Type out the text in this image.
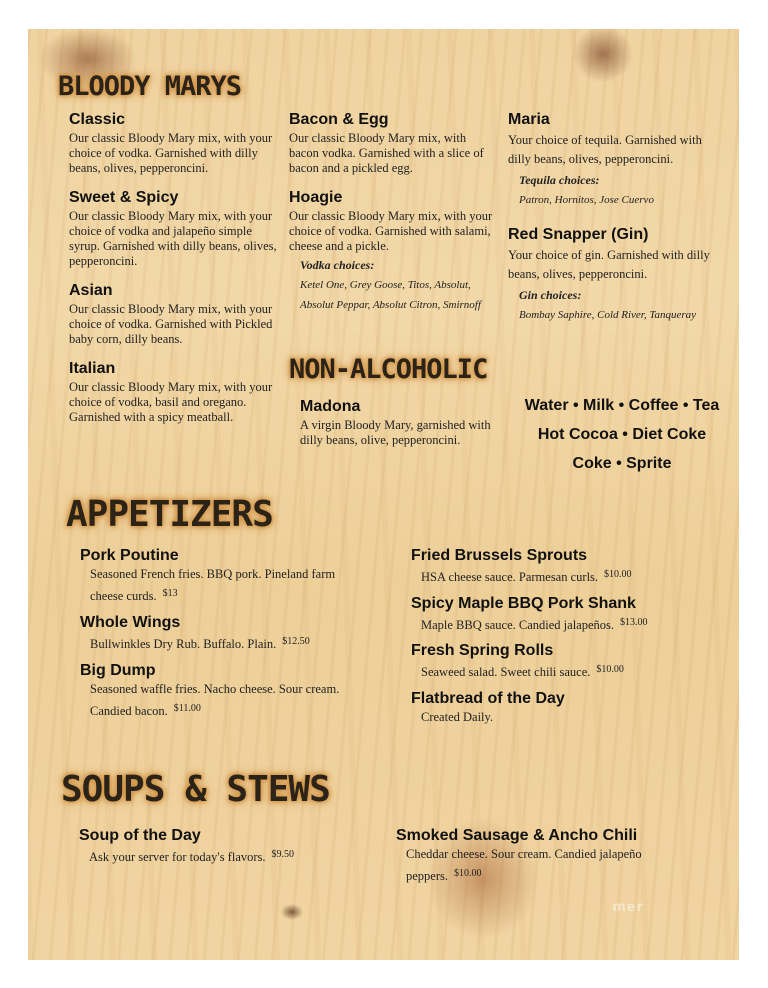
BLOODY MARYS
Classic
Our classic Bloody Mary mix, with your choice of vodka. Garnished with dilly beans, olives, pepperoncini.
Sweet & Spicy
Our classic Bloody Mary mix, with your choice of vodka and jalapeño simple syrup. Garnished with dilly beans, olives, pepperoncini.
Asian
Our classic Bloody Mary mix, with your choice of vodka. Garnished with Pickled baby corn, dilly beans.
Italian
Our classic Bloody Mary mix, with your choice of vodka, basil and oregano. Garnished with a spicy meatball.
Bacon & Egg
Our classic Bloody Mary mix, with bacon vodka. Garnished with a slice of bacon and a pickled egg.
Hoagie
Our classic Bloody Mary mix, with your choice of vodka. Garnished with salami, cheese and a pickle.
Vodka choices:
Ketel One, Grey Goose, Titos, Absolut,
Absolut Peppar, Absolut Citron, Smirnoff
Maria
Your choice of tequila. Garnished with dilly beans, olives, pepperoncini.
Tequila choices:
Patron, Hornitos, Jose Cuervo
Red Snapper (Gin)
Your choice of gin. Garnished with dilly beans, olives, pepperoncini.
Gin choices:
Bombay Saphire, Cold River, Tanqueray
NON-ALCOHOLIC
Madona
A virgin Bloody Mary, garnished with dilly beans, olive, pepperoncini.
Water • Milk • Coffee • Tea
Hot Cocoa • Diet Coke
Coke • Sprite
APPETIZERS
Pork Poutine
Seasoned French fries. BBQ pork. Pineland farm
cheese curds. $^{\$13}$
Whole Wings
Bullwinkles Dry Rub. Buffalo. Plain. $^{\$12.50}$
Big Dump
Seasoned waffle fries. Nacho cheese. Sour cream.
Candied bacon. $^{\$11.00}$
Fried Brussels Sprouts
HSA cheese sauce. Parmesan curls. $^{\$10.00}$
Spicy Maple BBQ Pork Shank
Maple BBQ sauce. Candied jalapeños. $^{\$13.00}$
Fresh Spring Rolls
Seaweed salad. Sweet chili sauce. $^{\$10.00}$
Flatbread of the Day
Created Daily.
SOUPS & STEWS
Soup of the Day
Ask your server for today's flavors. $^{\$9.50}$
Smoked Sausage & Ancho Chili
Cheddar cheese. Sour cream. Candied jalapeño
peppers. $^{\$10.00}$
mer
